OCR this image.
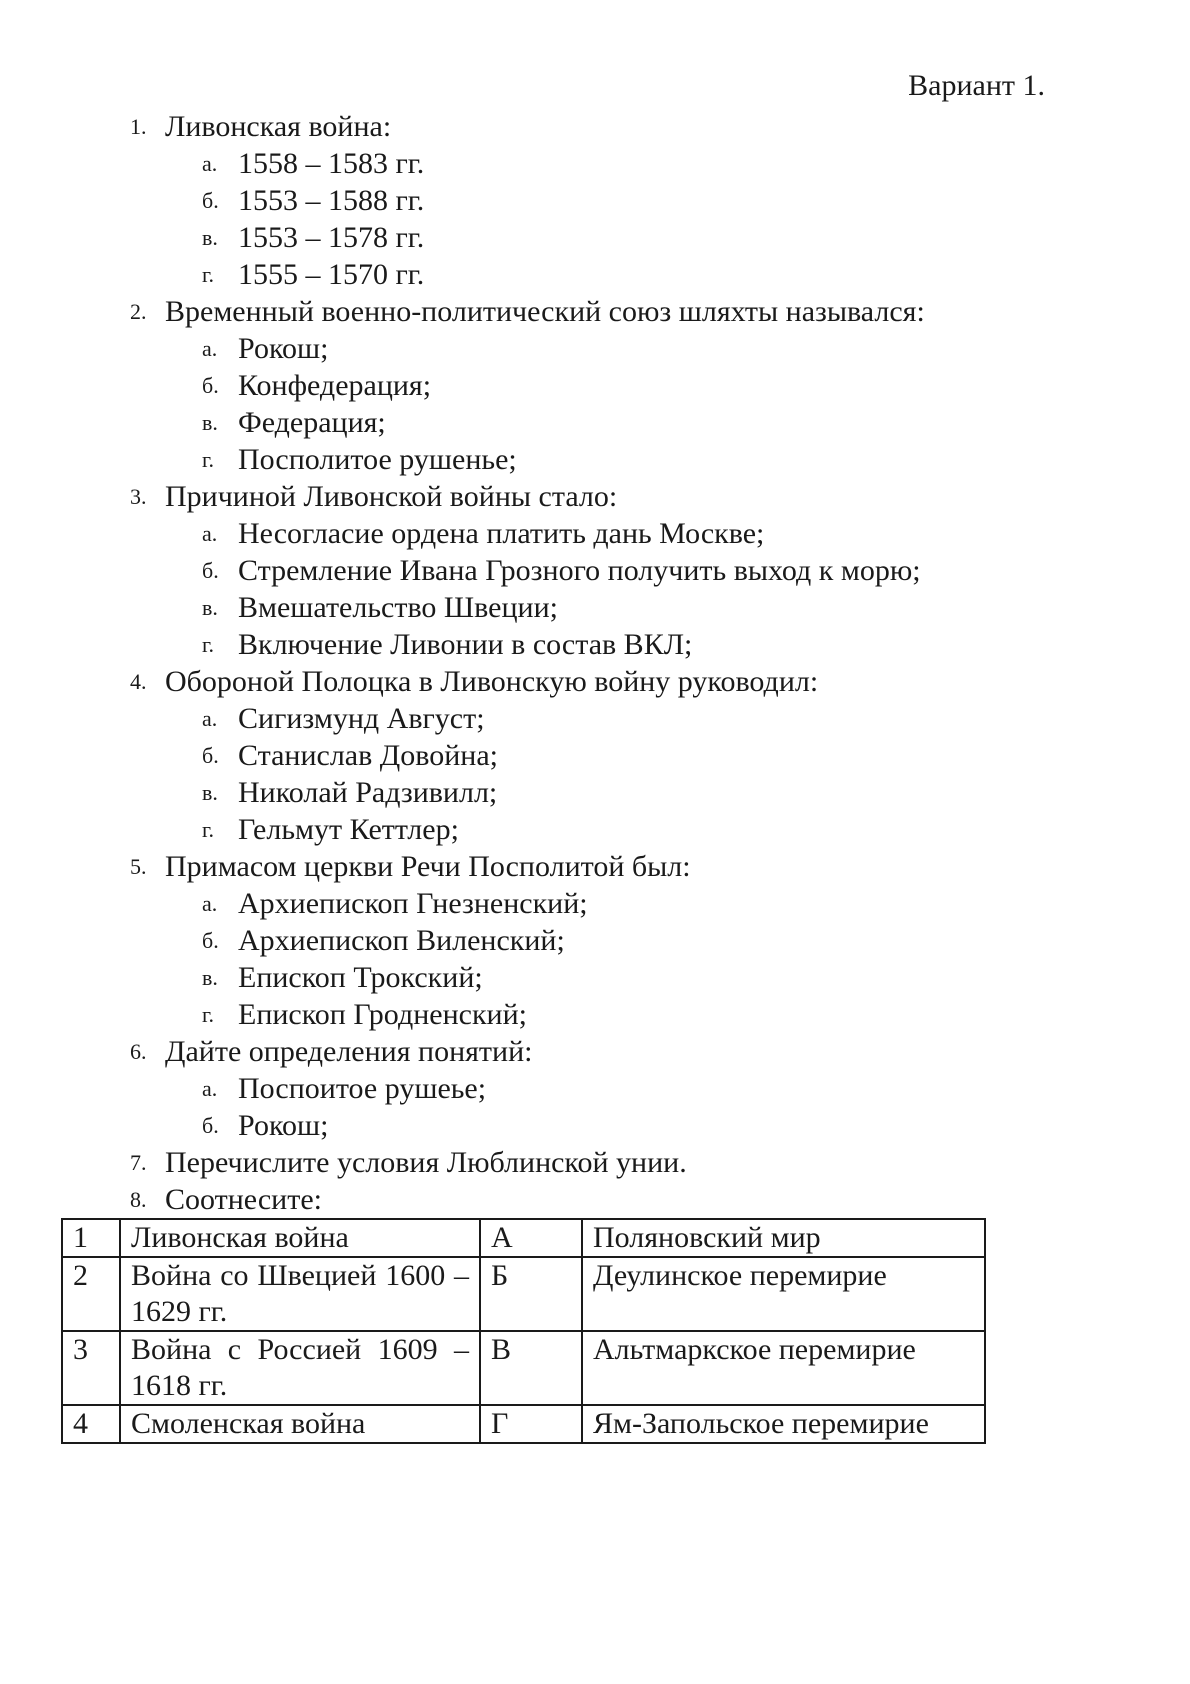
Вариант 1.
1. Ливонская война:
а. 1558 – 1583 гг.
б. 1553 – 1588 гг.
в. 1553 – 1578 гг.
г. 1555 – 1570 гг.
2. Временный военно-политический союз шляхты назывался:
а. Рокош;
б. Конфедерация;
в. Федерация;
г. Посполитое рушенье;
3. Причиной Ливонской войны стало:
а. Несогласие ордена платить дань Москве;
б. Стремление Ивана Грозного получить выход к морю;
в. Вмешательство Швеции;
г. Включение Ливонии в состав ВКЛ;
4. Обороной Полоцка в Ливонскую войну руководил:
а. Сигизмунд Август;
б. Станислав Довойна;
в. Николай Радзивилл;
г. Гельмут Кеттлер;
5. Примасом церкви Речи Посполитой был:
а. Архиепископ Гнезненский;
б. Архиепископ Виленский;
в. Епископ Трокский;
г. Епископ Гродненский;
6. Дайте определения понятий:
а. Поспоитое рушеье;
б. Рокош;
7. Перечислите условия Люблинской унии.
8. Соотнесите:
1	Ливонская война	А	Поляновский мир
2	Война со Швецией 1600 – 1629 гг.	Б	Деулинское перемирие
3	Война с Россией 1609 – 1618 гг.	В	Альтмаркское перемирие
4	Смоленская война	Г	Ям-Запольское перемирие
